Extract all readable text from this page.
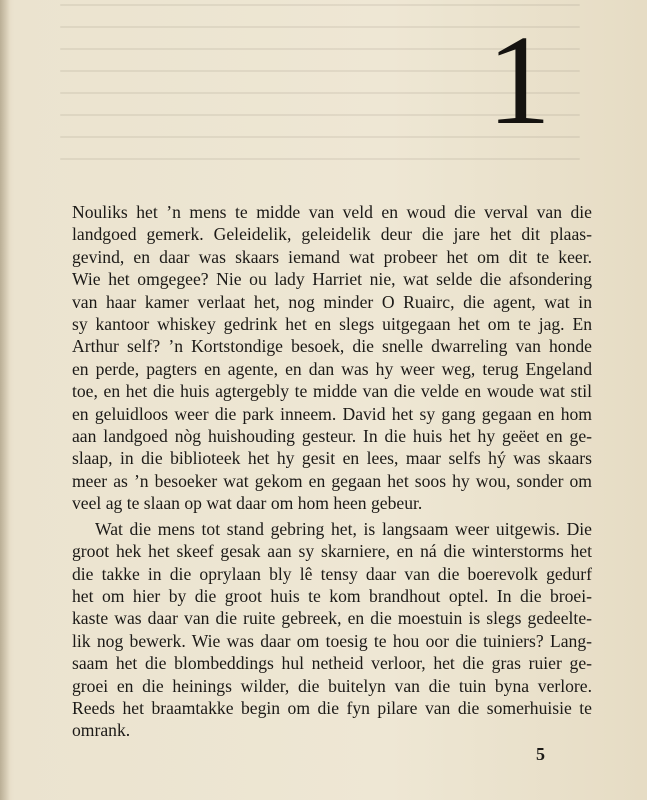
1

Nouliks het ’n mens te midde van veld en woud die verval van die

landgoed gemerk. Geleidelik, geleidelik deur die jare het dit plaas-

gevind, en daar was skaars iemand wat probeer het om dit te keer.

Wie het omgegee? Nie ou lady Harriet nie, wat selde die afsondering

van haar kamer verlaat het, nog minder O Ruairc, die agent, wat in

sy kantoor whiskey gedrink het en slegs uitgegaan het om te jag. En

Arthur self? ’n Kortstondige besoek, die snelle dwarreling van honde

en perde, pagters en agente, en dan was hy weer weg, terug Engeland

toe, en het die huis agtergebly te midde van die velde en woude wat stil

en geluidloos weer die park inneem. David het sy gang gegaan en hom

aan landgoed nòg huishouding gesteur. In die huis het hy geëet en ge-

slaap, in die biblioteek het hy gesit en lees, maar selfs hý was skaars

meer as ’n besoeker wat gekom en gegaan het soos hy wou, sonder om

veel ag te slaan op wat daar om hom heen gebeur.

Wat die mens tot stand gebring het, is langsaam weer uitgewis. Die

groot hek het skeef gesak aan sy skarniere, en ná die winterstorms het

die takke in die oprylaan bly lê tensy daar van die boerevolk gedurf

het om hier by die groot huis te kom brandhout optel. In die broei-

kaste was daar van die ruite gebreek, en die moestuin is slegs gedeelte-

lik nog bewerk. Wie was daar om toesig te hou oor die tuiniers? Lang-

saam het die blombeddings hul netheid verloor, het die gras ruier ge-

groei en die heinings wilder, die buitelyn van die tuin byna verlore.

Reeds het braamtakke begin om die fyn pilare van die somerhuisie te

omrank.

5
